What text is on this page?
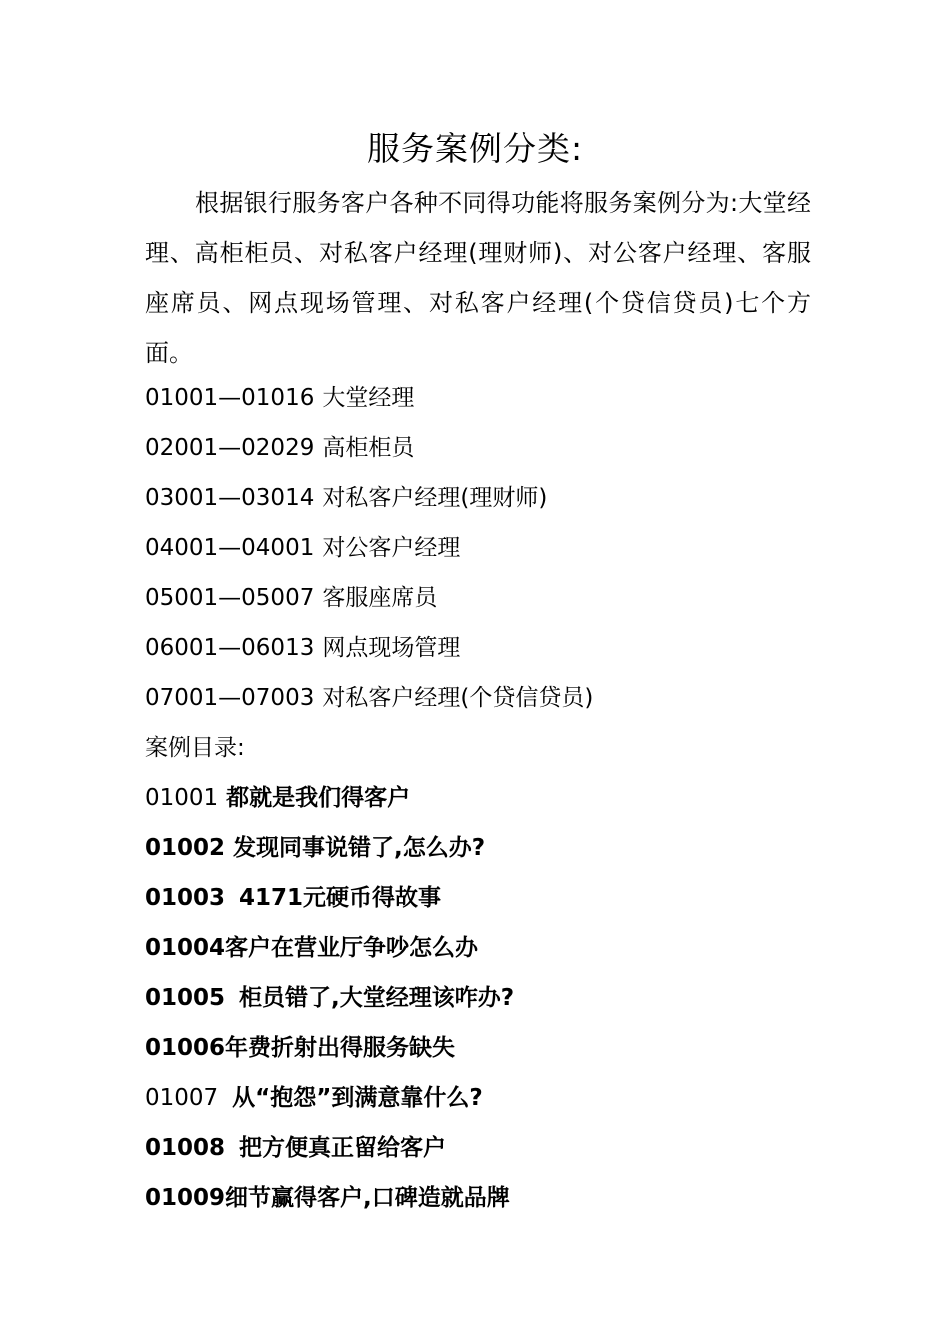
服务案例分类:

根据银行服务客户各种不同得功能将服务案例分为:大堂经理、高柜柜员、对私客户经理(理财师)、对公客户经理、客服座席员、网点现场管理、对私客户经理(个贷信贷员)七个方面。

01001—01016 大堂经理
02001—02029 高柜柜员
03001—03014 对私客户经理(理财师)
04001—04001 对公客户经理
05001—05007 客服座席员
06001—06013 网点现场管理
07001—07003 对私客户经理(个贷信贷员)
案例目录:
01001 都就是我们得客户
01002 发现同事说错了,怎么办?
01003 4171元硬币得故事
01004客户在营业厅争吵怎么办
01005 柜员错了,大堂经理该咋办?
01006年费折射出得服务缺失
01007 从“抱怨”到满意靠什么?
01008 把方便真正留给客户
01009细节赢得客户,口碑造就品牌
